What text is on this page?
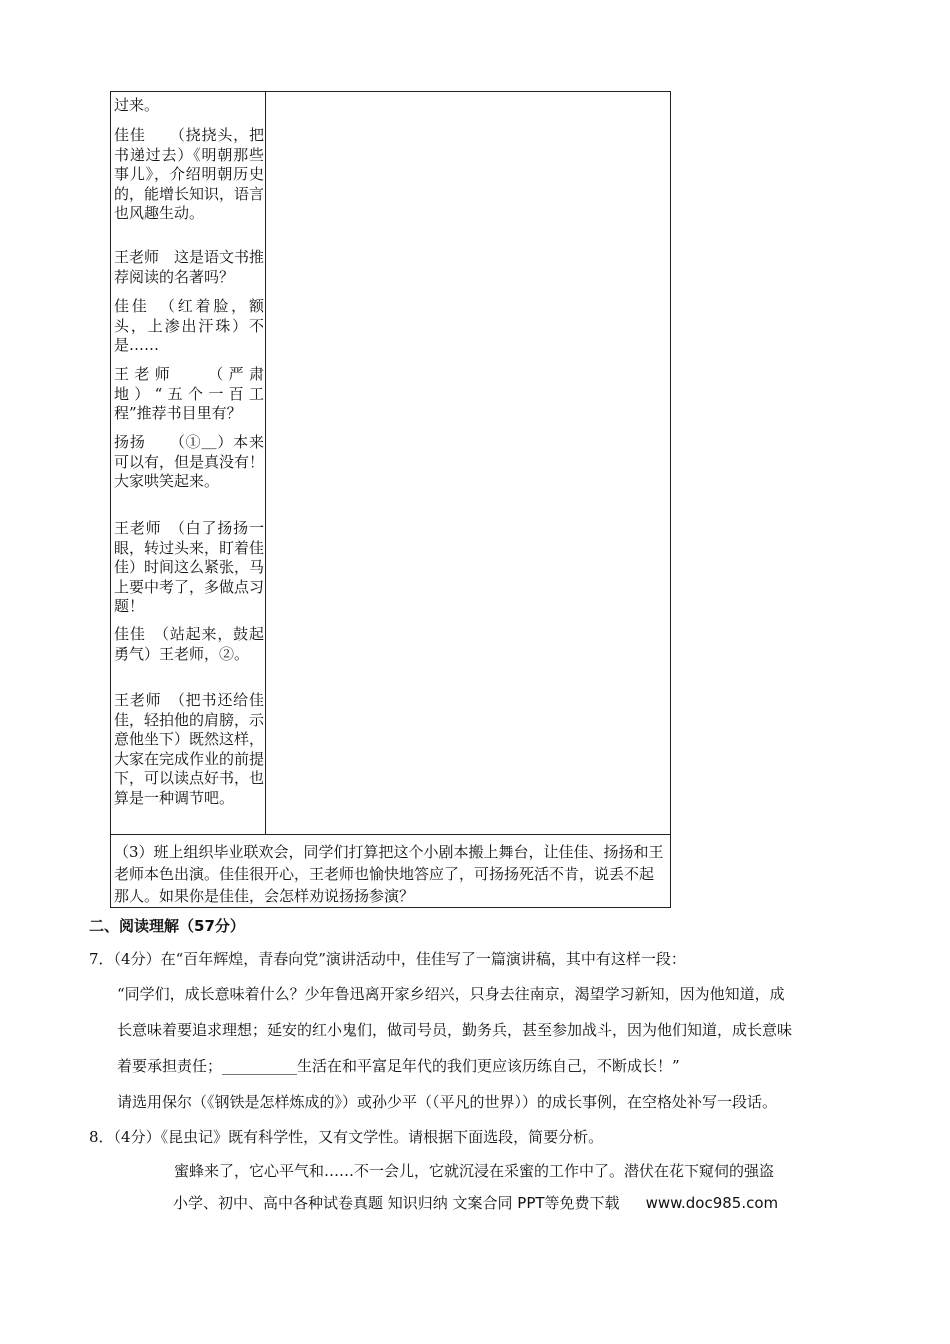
过来。
佳佳　　（挠挠头，把书递过去）《明朝那些事儿》，介绍明朝历史的，能增长知识，语言也风趣生动。
王老师　这是语文书推荐阅读的名著吗？
佳佳　（红着脸，额头，上渗出汗珠）不是……
王老师　　（严肃地）“五个一百工程”推荐书目里有？
扬扬　　（①＿）本来可以有，但是真没有！大家哄笑起来。
王老师　（白了扬扬一眼，转过头来，盯着佳佳）时间这么紧张，马上要中考了，多做点习题！
佳佳　（站起来，鼓起勇气）王老师，②。
王老师　（把书还给佳佳，轻拍他的肩膀，示意他坐下）既然这样，大家在完成作业的前提下，可以读点好书，也算是一种调节吧。
（3）班上组织毕业联欢会，同学们打算把这个小剧本搬上舞台，让佳佳、扬扬和王老师本色出演。佳佳很开心，王老师也愉快地答应了，可扬扬死活不肯，说丢不起那人。如果你是佳佳，会怎样劝说扬扬参演？
二、阅读理解（57分）
7．（4分）在“百年辉煌，青春向党”演讲活动中，佳佳写了一篇演讲稿，其中有这样一段：
“同学们，成长意味着什么？少年鲁迅离开家乡绍兴，只身去往南京，渴望学习新知，因为他知道，成
长意味着要追求理想；延安的红小鬼们，做司号员，勤务兵，甚至参加战斗，因为他们知道，成长意味
着要承担责任；__________生活在和平富足年代的我们更应该历练自己，不断成长！”
请选用保尔（《钢铁是怎样炼成的》）或孙少平（（平凡的世界））的成长事例，在空格处补写一段话。
8．（4分）《昆虫记》既有科学性，又有文学性。请根据下面选段，简要分析。
蜜蜂来了，它心平气和……不一会儿，它就沉浸在采蜜的工作中了。潜伏在花下窥伺的强盗
小学、初中、高中各种试卷真题 知识归纳 文案合同 PPT等免费下载 www.doc985.com
